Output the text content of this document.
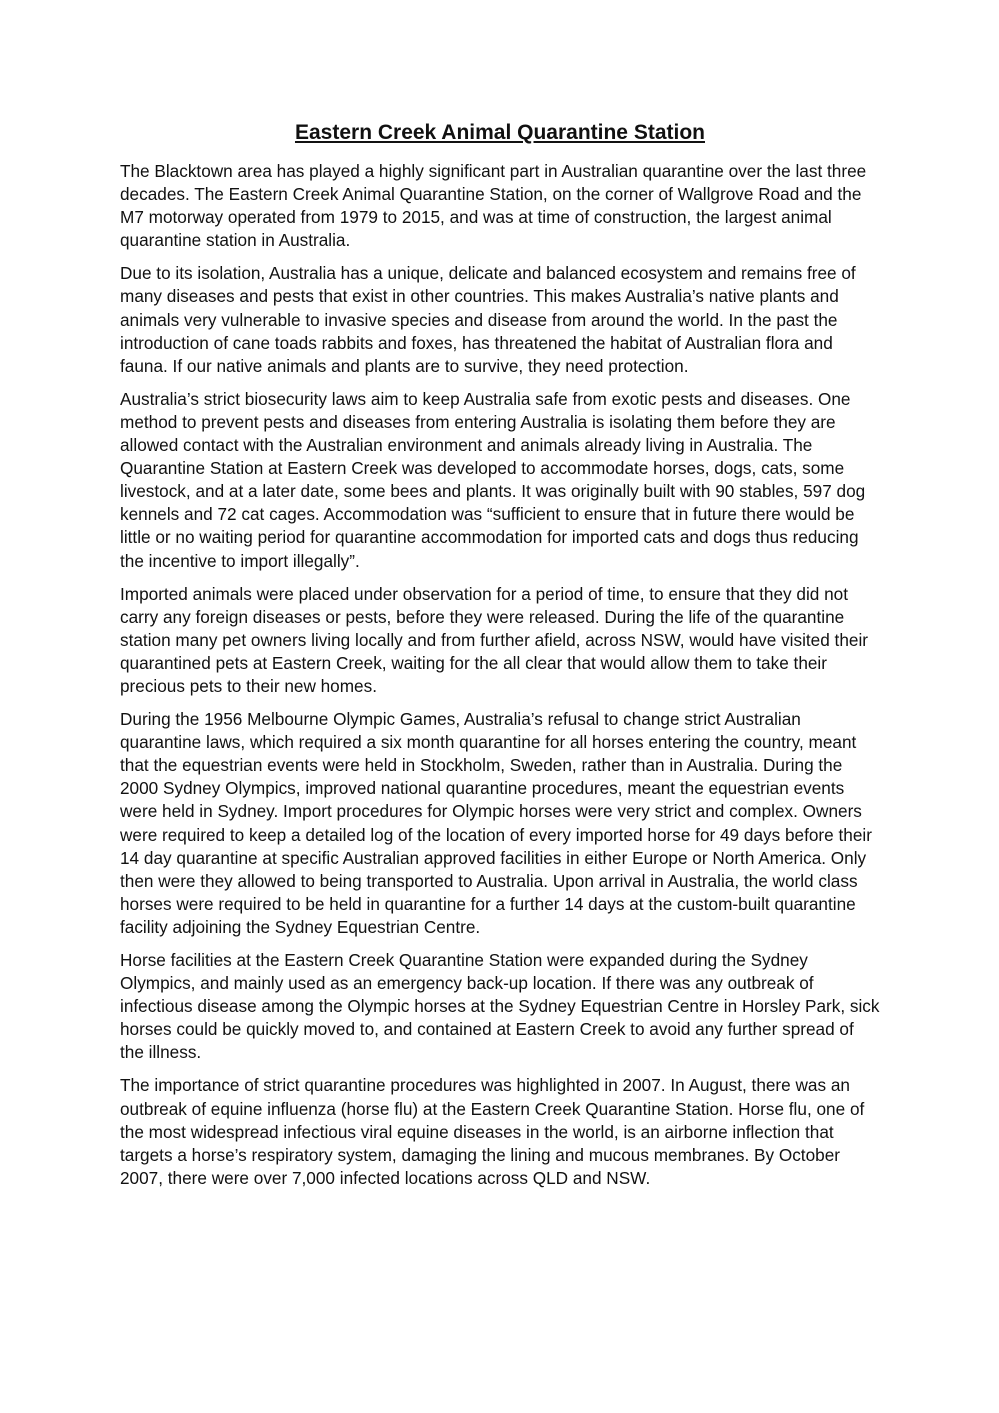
Eastern Creek Animal Quarantine Station

The Blacktown area has played a highly significant part in Australian quarantine over the last three decades. The Eastern Creek Animal Quarantine Station, on the corner of Wallgrove Road and the M7 motorway operated from 1979 to 2015, and was at time of construction, the largest animal quarantine station in Australia.

Due to its isolation, Australia has a unique, delicate and balanced ecosystem and remains free of many diseases and pests that exist in other countries. This makes Australia’s native plants and animals very vulnerable to invasive species and disease from around the world. In the past the introduction of cane toads rabbits and foxes, has threatened the habitat of Australian flora and fauna. If our native animals and plants are to survive, they need protection.

Australia’s strict biosecurity laws aim to keep Australia safe from exotic pests and diseases. One method to prevent pests and diseases from entering Australia is isolating them before they are allowed contact with the Australian environment and animals already living in Australia. The Quarantine Station at Eastern Creek was developed to accommodate horses, dogs, cats, some livestock, and at a later date, some bees and plants. It was originally built with 90 stables, 597 dog kennels and 72 cat cages. Accommodation was “sufficient to ensure that in future there would be little or no waiting period for quarantine accommodation for imported cats and dogs thus reducing the incentive to import illegally”.

Imported animals were placed under observation for a period of time, to ensure that they did not carry any foreign diseases or pests, before they were released. During the life of the quarantine station many pet owners living locally and from further afield, across NSW, would have visited their quarantined pets at Eastern Creek, waiting for the all clear that would allow them to take their precious pets to their new homes.

During the 1956 Melbourne Olympic Games, Australia’s refusal to change strict Australian quarantine laws, which required a six month quarantine for all horses entering the country, meant that the equestrian events were held in Stockholm, Sweden, rather than in Australia. During the 2000 Sydney Olympics, improved national quarantine procedures, meant the equestrian events were held in Sydney. Import procedures for Olympic horses were very strict and complex. Owners were required to keep a detailed log of the location of every imported horse for 49 days before their 14 day quarantine at specific Australian approved facilities in either Europe or North America. Only then were they allowed to being transported to Australia. Upon arrival in Australia, the world class horses were required to be held in quarantine for a further 14 days at the custom-built quarantine facility adjoining the Sydney Equestrian Centre.

Horse facilities at the Eastern Creek Quarantine Station were expanded during the Sydney Olympics, and mainly used as an emergency back-up location. If there was any outbreak of infectious disease among the Olympic horses at the Sydney Equestrian Centre in Horsley Park, sick horses could be quickly moved to, and contained at Eastern Creek to avoid any further spread of the illness.

The importance of strict quarantine procedures was highlighted in 2007. In August, there was an outbreak of equine influenza (horse flu) at the Eastern Creek Quarantine Station. Horse flu, one of the most widespread infectious viral equine diseases in the world, is an airborne inflection that targets a horse’s respiratory system, damaging the lining and mucous membranes. By October 2007, there were over 7,000 infected locations across QLD and NSW.
